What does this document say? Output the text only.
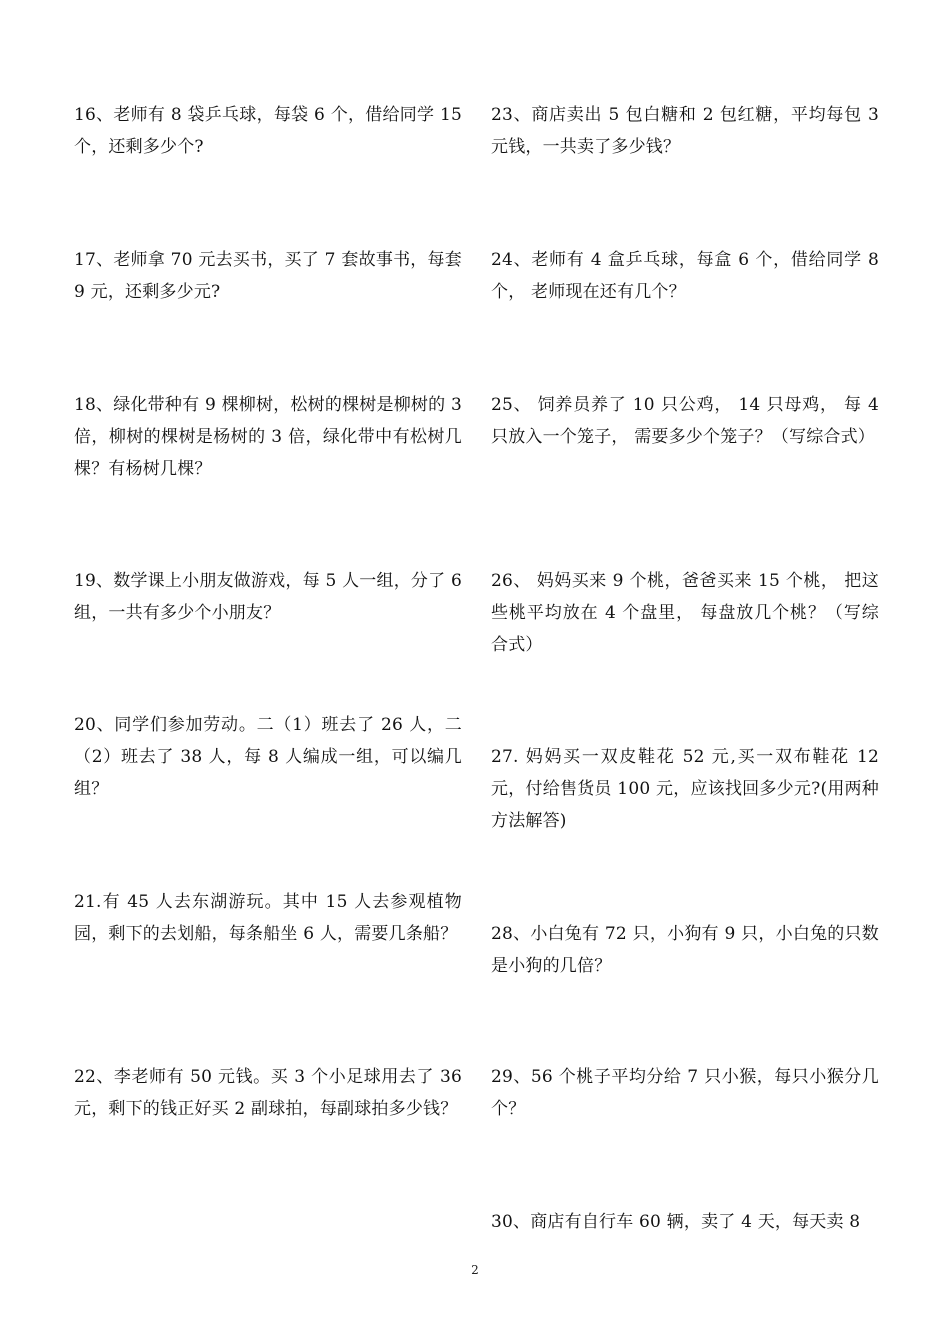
16、老师有 8 袋乒乓球，每袋 6 个，借给同学 15 个，还剩多少个?

17、老师拿 70 元去买书，买了 7 套故事书，每套 9 元，还剩多少元?

18、绿化带种有 9 棵柳树，松树的棵树是柳树的 3 倍，柳树的棵树是杨树的 3 倍，绿化带中有松树几棵？有杨树几棵？

19、数学课上小朋友做游戏，每 5 人一组，分了 6 组，一共有多少个小朋友？

20、同学们参加劳动。二（1）班去了 26 人，二（2）班去了 38 人，每 8 人编成一组，可以编几组？

21.有 45 人去东湖游玩。其中 15 人去参观植物园，剩下的去划船，每条船坐 6 人，需要几条船？

22、李老师有 50 元钱。买 3 个小足球用去了 36 元，剩下的钱正好买 2 副球拍，每副球拍多少钱？

23、商店卖出 5 包白糖和 2 包红糖，平均每包 3 元钱，一共卖了多少钱？

24、老师有 4 盒乒乓球，每盒 6 个，借给同学 8 个， 老师现在还有几个？

25、 饲养员养了 10 只公鸡， 14 只母鸡， 每 4 只放入一个笼子， 需要多少个笼子？（写综合式）

26、 妈妈买来 9 个桃，爸爸买来 15 个桃， 把这些桃平均放在 4 个盘里， 每盘放几个桃？（写综合式）

27. 妈妈买一双皮鞋花 52 元,买一双布鞋花 12 元，付给售货员 100 元，应该找回多少元?(用两种方法解答)

28、小白兔有 72 只，小狗有 9 只，小白兔的只数是小狗的几倍？

29、56 个桃子平均分给 7 只小猴，每只小猴分几个？

30、商店有自行车 60 辆，卖了 4 天，每天卖 8

2
